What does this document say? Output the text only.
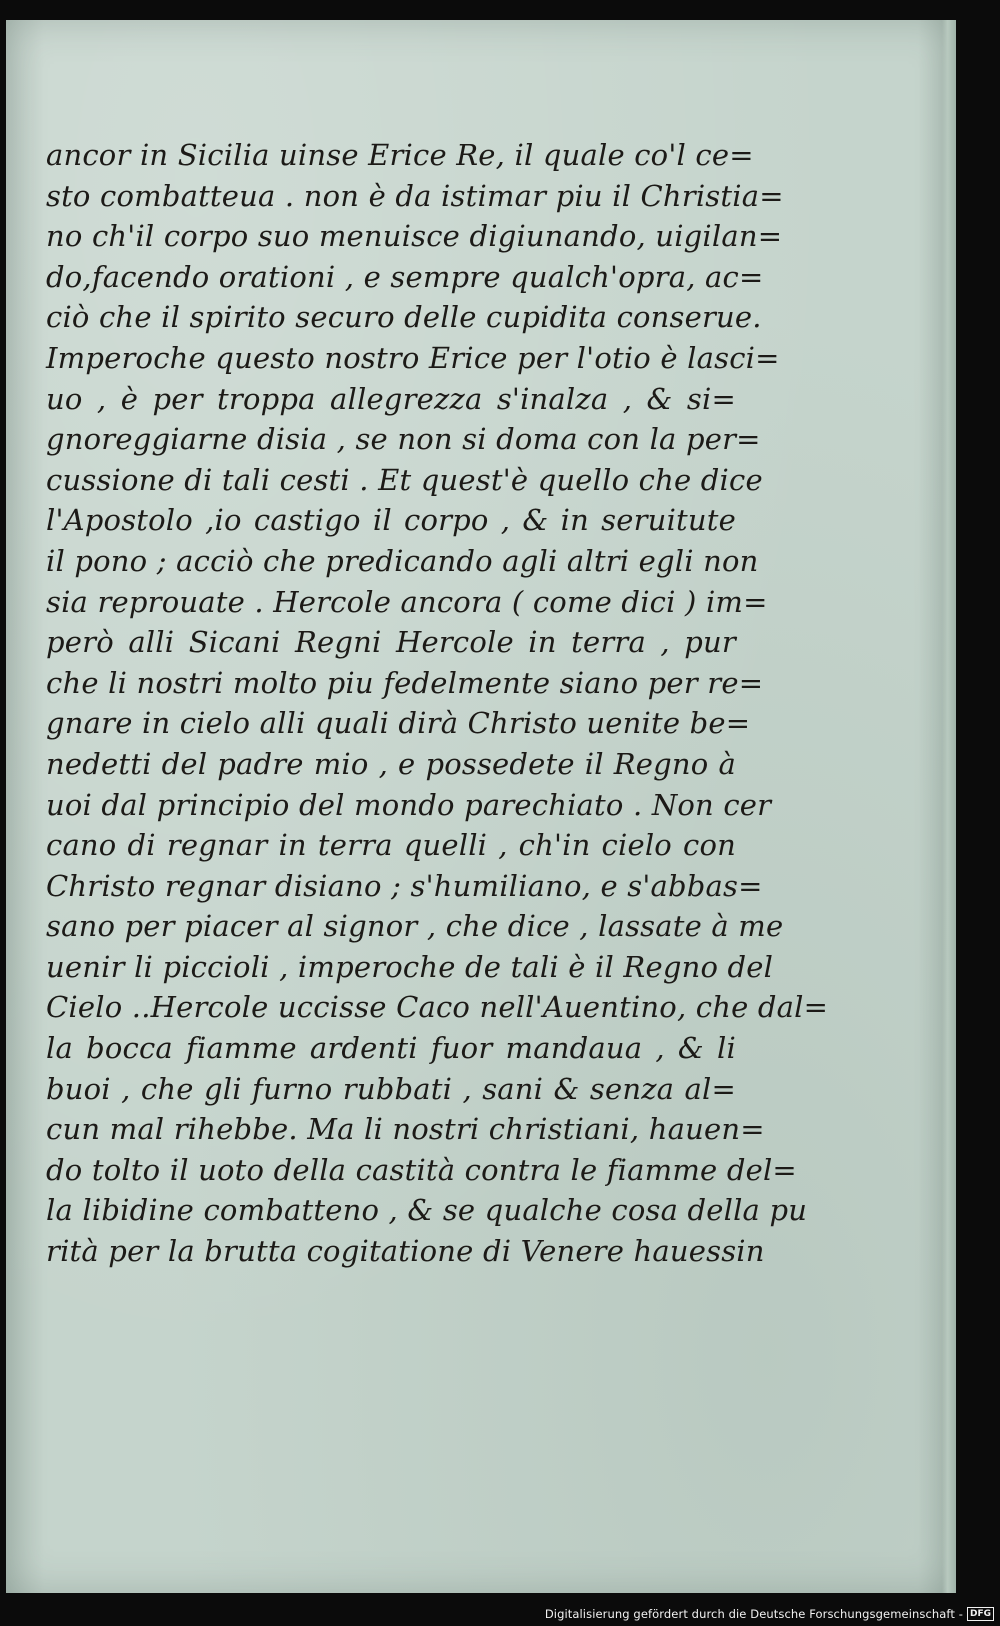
ancor in Sicilia uinse Erice Re, il quale co'l ce=
sto combatteua . non è da istimar piu il Christia=
no ch'il corpo suo menuisce digiunando, uigilan=
do,facendo orationi , e sempre qualch'opra, ac=
ciò che il spirito securo delle cupidita conserue.
Imperoche questo nostro Erice per l'otio è lasci=
uo , è per troppa allegrezza s'inalza , & si=
gnoreggiarne disia , se non si doma con la per=
cussione di tali cesti . Et quest'è quello che dice
l'Apostolo ,io castigo il corpo , & in seruitute
il pono ; acciò che predicando agli altri egli non
sia reprouate . Hercole ancora ( come dici ) im=
però alli Sicani Regni Hercole in terra , pur
che li nostri molto piu fedelmente siano per re=
gnare in cielo alli quali dirà Christo uenite be=
nedetti del padre mio , e possedete il Regno à
uoi dal principio del mondo parechiato . Non cer
cano di regnar in terra quelli , ch'in cielo con
Christo regnar disiano ; s'humiliano, e s'abbas=
sano per piacer al signor , che dice , lassate à me
uenir li piccioli , imperoche de tali è il Regno del
Cielo ..Hercole uccisse Caco nell'Auentino, che dal=
la bocca fiamme ardenti fuor mandaua , & li
buoi , che gli furno rubbati , sani & senza al=
cun mal rihebbe. Ma li nostri christiani, hauen=
do tolto il uoto della castità contra le fiamme del=
la libidine combatteno , & se qualche cosa della pu
rità per la brutta cogitatione di Venere hauessin
Digitalisierung gefördert durch die Deutsche Forschungsgemeinschaft - DFG
